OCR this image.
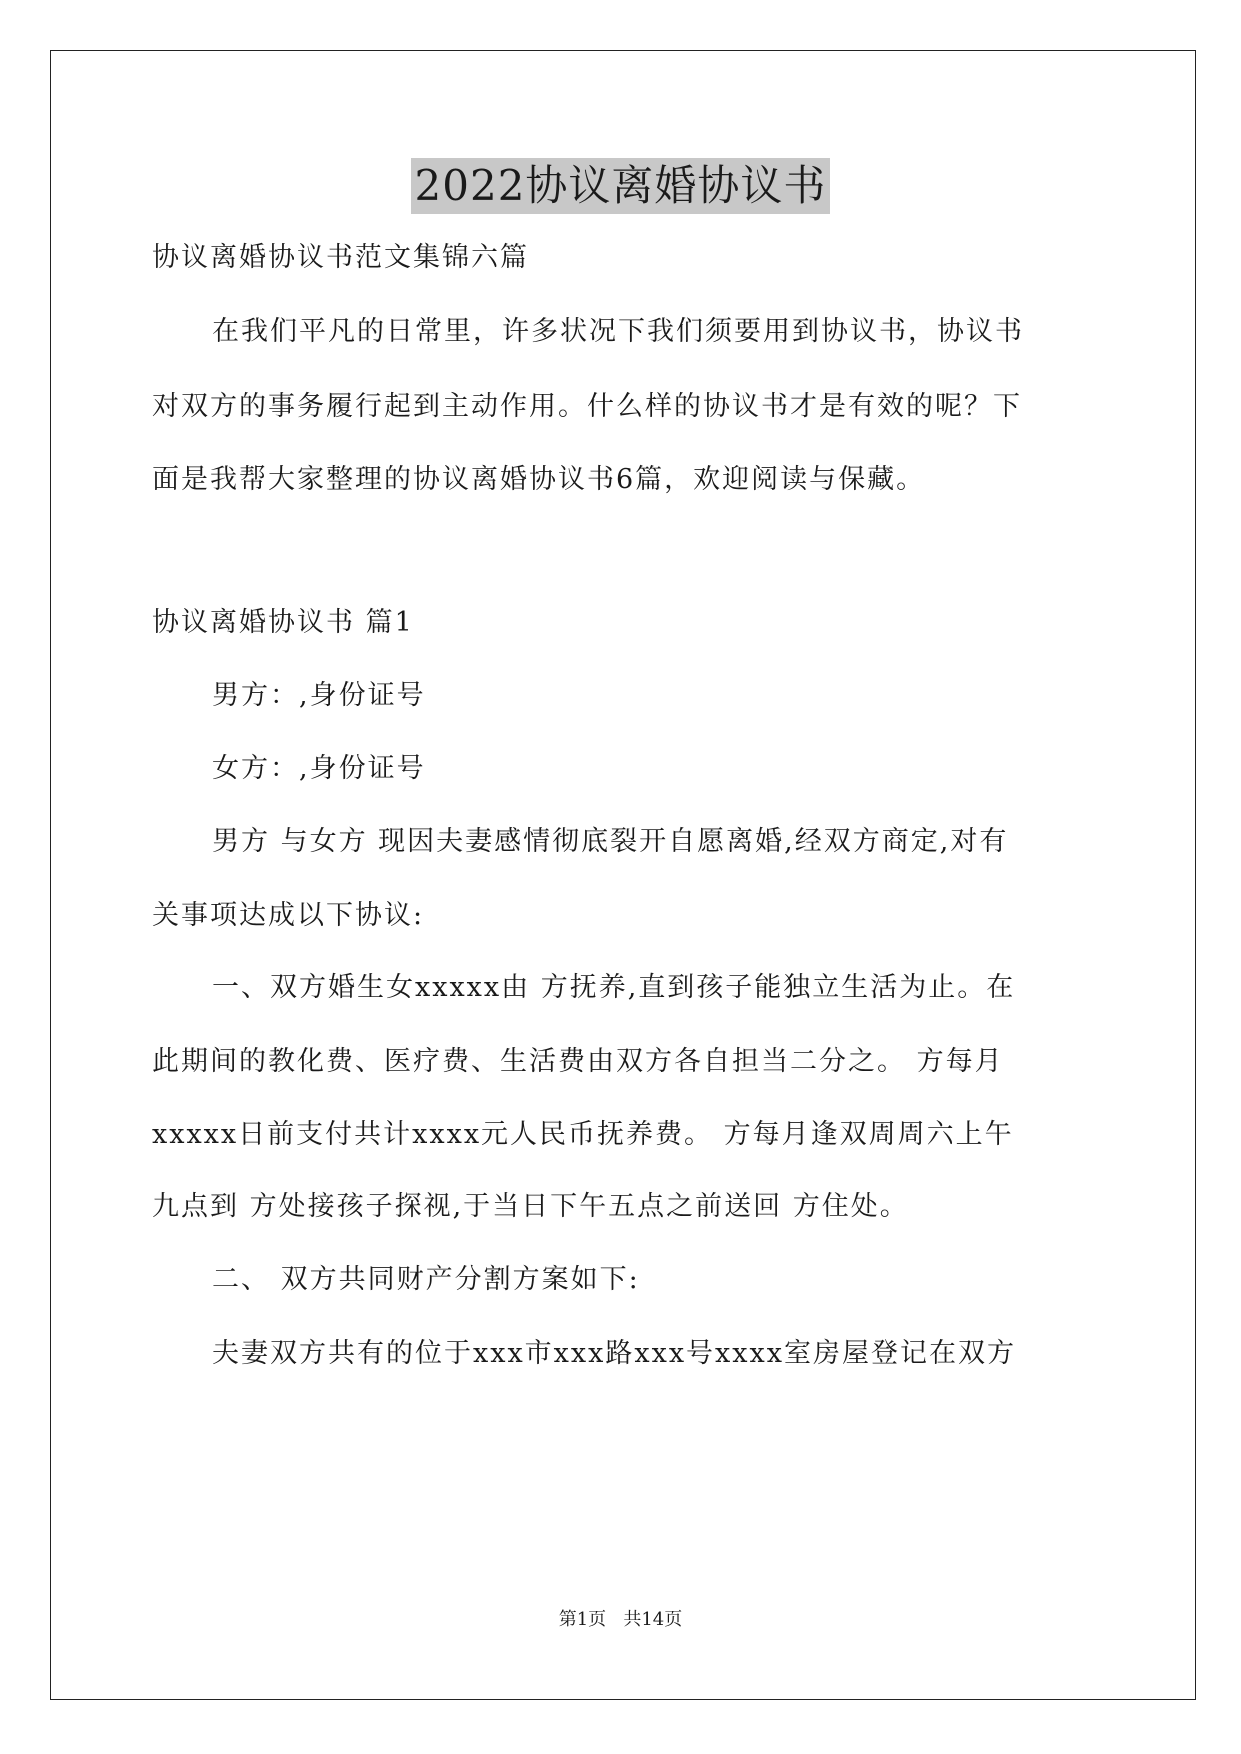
2022协议离婚协议书
协议离婚协议书范文集锦六篇
在我们平凡的日常里，许多状况下我们须要用到协议书，协议书
对双方的事务履行起到主动作用。什么样的协议书才是有效的呢？下
面是我帮大家整理的协议离婚协议书6篇，欢迎阅读与保藏。
协议离婚协议书 篇1
男方：,身份证号
女方：,身份证号
男方 与女方 现因夫妻感情彻底裂开自愿离婚,经双方商定,对有
关事项达成以下协议:
一、双方婚生女xxxxx由 方抚养,直到孩子能独立生活为止。在
此期间的教化费、医疗费、生活费由双方各自担当二分之。 方每月
xxxxx日前支付共计xxxx元人民币抚养费。 方每月逢双周周六上午
九点到 方处接孩子探视,于当日下午五点之前送回 方住处。
二、 双方共同财产分割方案如下:
夫妻双方共有的位于xxx市xxx路xxx号xxxx室房屋登记在双方
第1页   共14页
